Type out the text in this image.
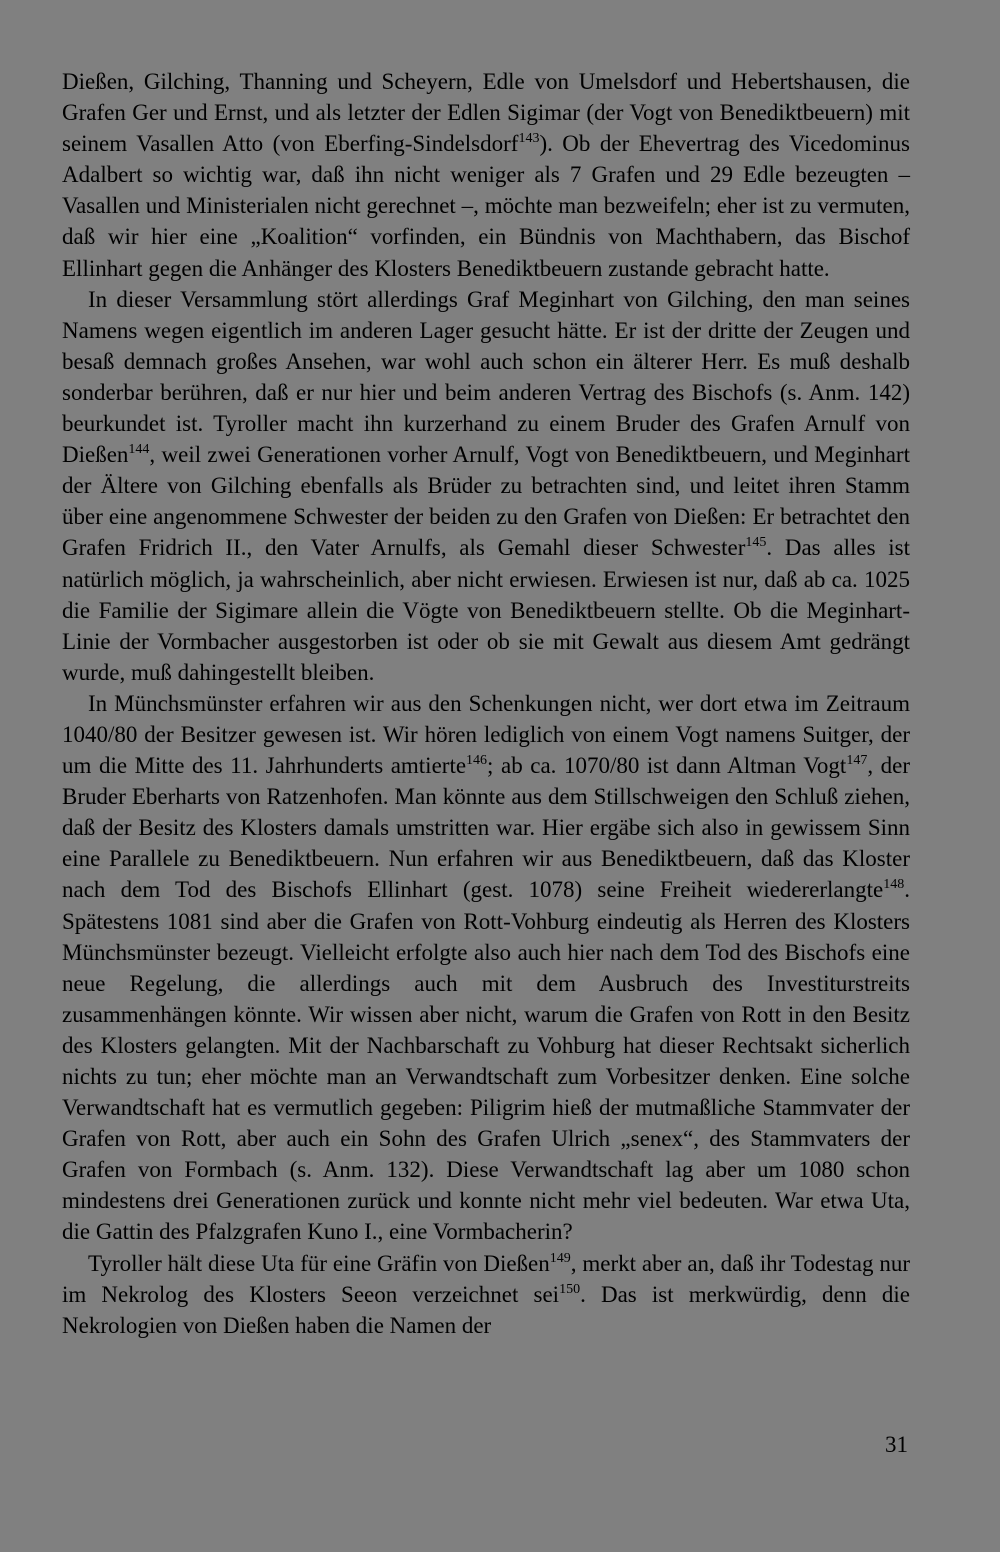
Dießen, Gilching, Thanning und Scheyern, Edle von Umelsdorf und Hebertshausen, die Grafen Ger und Ernst, und als letzter der Edlen Sigimar (der Vogt von Benediktbeuern) mit seinem Vasallen Atto (von Eberfing-Sindelsdorf$^{143}$). Ob der Ehevertrag des Vicedominus Adalbert so wichtig war, daß ihn nicht weniger als 7 Grafen und 29 Edle bezeugten – Vasallen und Ministerialen nicht gerechnet –, möchte man bezweifeln; eher ist zu vermuten, daß wir hier eine „Koalition“ vorfinden, ein Bündnis von Machthabern, das Bischof Ellinhart gegen die Anhänger des Klosters Benediktbeuern zustande gebracht hatte.

In dieser Versammlung stört allerdings Graf Meginhart von Gilching, den man seines Namens wegen eigentlich im anderen Lager gesucht hätte. Er ist der dritte der Zeugen und besaß demnach großes Ansehen, war wohl auch schon ein älterer Herr. Es muß deshalb sonderbar berühren, daß er nur hier und beim anderen Vertrag des Bischofs (s. Anm. 142) beurkundet ist. Tyroller macht ihn kurzerhand zu einem Bruder des Grafen Arnulf von Dießen$^{144}$, weil zwei Generationen vorher Arnulf, Vogt von Benediktbeuern, und Meginhart der Ältere von Gilching ebenfalls als Brüder zu betrachten sind, und leitet ihren Stamm über eine angenommene Schwester der beiden zu den Grafen von Dießen: Er betrachtet den Grafen Fridrich II., den Vater Arnulfs, als Gemahl dieser Schwester$^{145}$. Das alles ist natürlich möglich, ja wahrscheinlich, aber nicht erwiesen. Erwiesen ist nur, daß ab ca. 1025 die Familie der Sigimare allein die Vögte von Benediktbeuern stellte. Ob die Meginhart-Linie der Vormbacher ausgestorben ist oder ob sie mit Gewalt aus diesem Amt gedrängt wurde, muß dahingestellt bleiben.

In Münchsmünster erfahren wir aus den Schenkungen nicht, wer dort etwa im Zeitraum 1040/80 der Besitzer gewesen ist. Wir hören lediglich von einem Vogt namens Suitger, der um die Mitte des 11. Jahrhunderts amtierte$^{146}$; ab ca. 1070/80 ist dann Altman Vogt$^{147}$, der Bruder Eberharts von Ratzenhofen. Man könnte aus dem Stillschweigen den Schluß ziehen, daß der Besitz des Klosters damals umstritten war. Hier ergäbe sich also in gewissem Sinn eine Parallele zu Benediktbeuern. Nun erfahren wir aus Benediktbeuern, daß das Kloster nach dem Tod des Bischofs Ellinhart (gest. 1078) seine Freiheit wiedererlangte$^{148}$. Spätestens 1081 sind aber die Grafen von Rott-Vohburg eindeutig als Herren des Klosters Münchsmünster bezeugt. Vielleicht erfolgte also auch hier nach dem Tod des Bischofs eine neue Regelung, die allerdings auch mit dem Ausbruch des Investiturstreits zusammenhängen könnte. Wir wissen aber nicht, warum die Grafen von Rott in den Besitz des Klosters gelangten. Mit der Nachbarschaft zu Vohburg hat dieser Rechtsakt sicherlich nichts zu tun; eher möchte man an Verwandtschaft zum Vorbesitzer denken. Eine solche Verwandtschaft hat es vermutlich gegeben: Piligrim hieß der mutmaßliche Stammvater der Grafen von Rott, aber auch ein Sohn des Grafen Ulrich „senex“, des Stammvaters der Grafen von Formbach (s. Anm. 132). Diese Verwandtschaft lag aber um 1080 schon mindestens drei Generationen zurück und konnte nicht mehr viel bedeuten. War etwa Uta, die Gattin des Pfalzgrafen Kuno I., eine Vormbacherin?

Tyroller hält diese Uta für eine Gräfin von Dießen$^{149}$, merkt aber an, daß ihr Todestag nur im Nekrolog des Klosters Seeon verzeichnet sei$^{150}$. Das ist merkwürdig, denn die Nekrologien von Dießen haben die Namen der

31
